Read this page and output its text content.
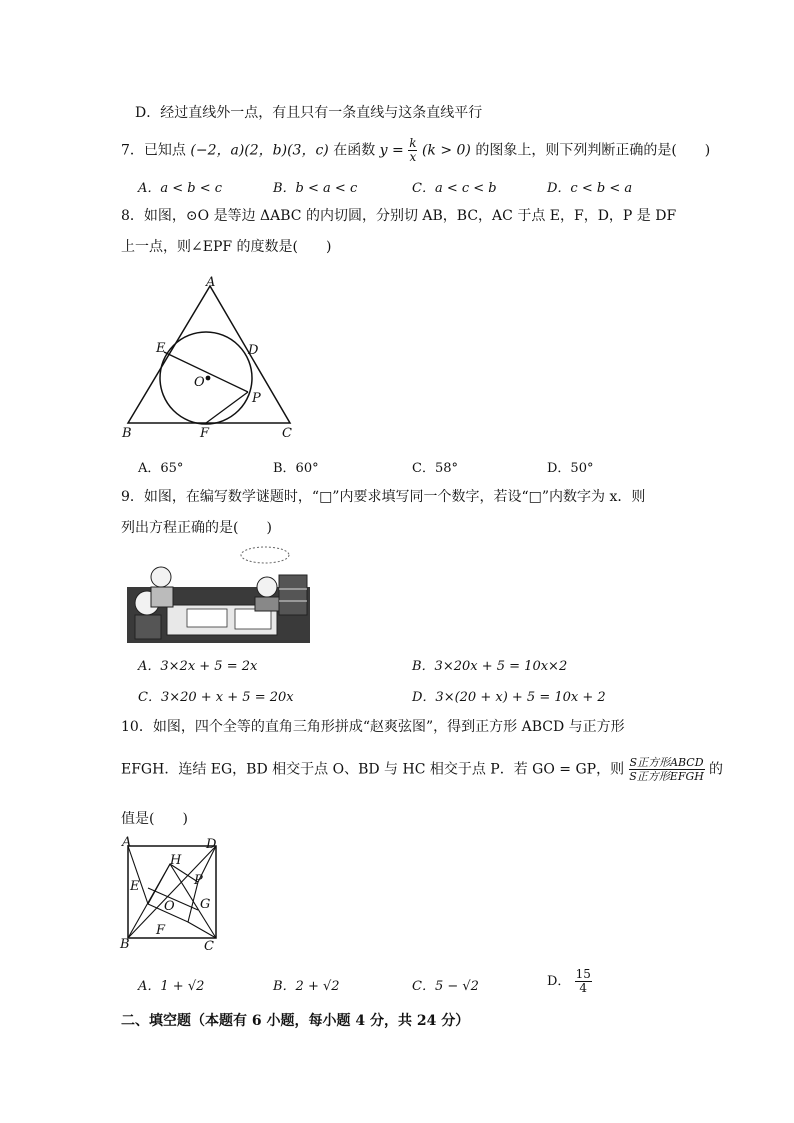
D．经过直线外一点，有且只有一条直线与这条直线平行
7．已知点 (−2，a)(2，b)(3，c) 在函数 $y = \frac{k}{x} (k > 0)$ 的图象上，则下列判断正确的是(　　)
A．a < b < c	B．b < a < c	C．a < c < b	D．c < b < a
8．如图，⊙O 是等边 ΔABC 的内切圆，分别切 AB，BC，AC 于点 E，F，D，P 是 DF
上一点，则∠EPF 的度数是(　　)
A
B	C
D
E
F
O
P
A．65°	B．60°	C．58°	D．50°
9．如图，在编写数学谜题时，“□”内要求填写同一个数字，若设“□”内数字为 x．则
列出方程正确的是(　　)
A．3×2x + 5 = 2x	B．3×20x + 5 = 10x×2
C．3×20 + x + 5 = 20x	D．3×(20 + x) + 5 = 10x + 2
10．如图，四个全等的直角三角形拼成“赵爽弦图”，得到正方形 ABCD 与正方形
EFGH．连结 EG，BD 相交于点 O、BD 与 HC 相交于点 P．若 GO = GP，则 $\frac{\text{S正方形ABCD}}{\text{S正方形EFGH}}$ 的
值是(　　)
A	D
B	C
H
E	P
G
O
F
A．1 + √2	B．2 + √2	C．5 − √2	D． $\frac{15}{4}$
二、填空题（本题有 6 小题，每小题 4 分，共 24 分）
